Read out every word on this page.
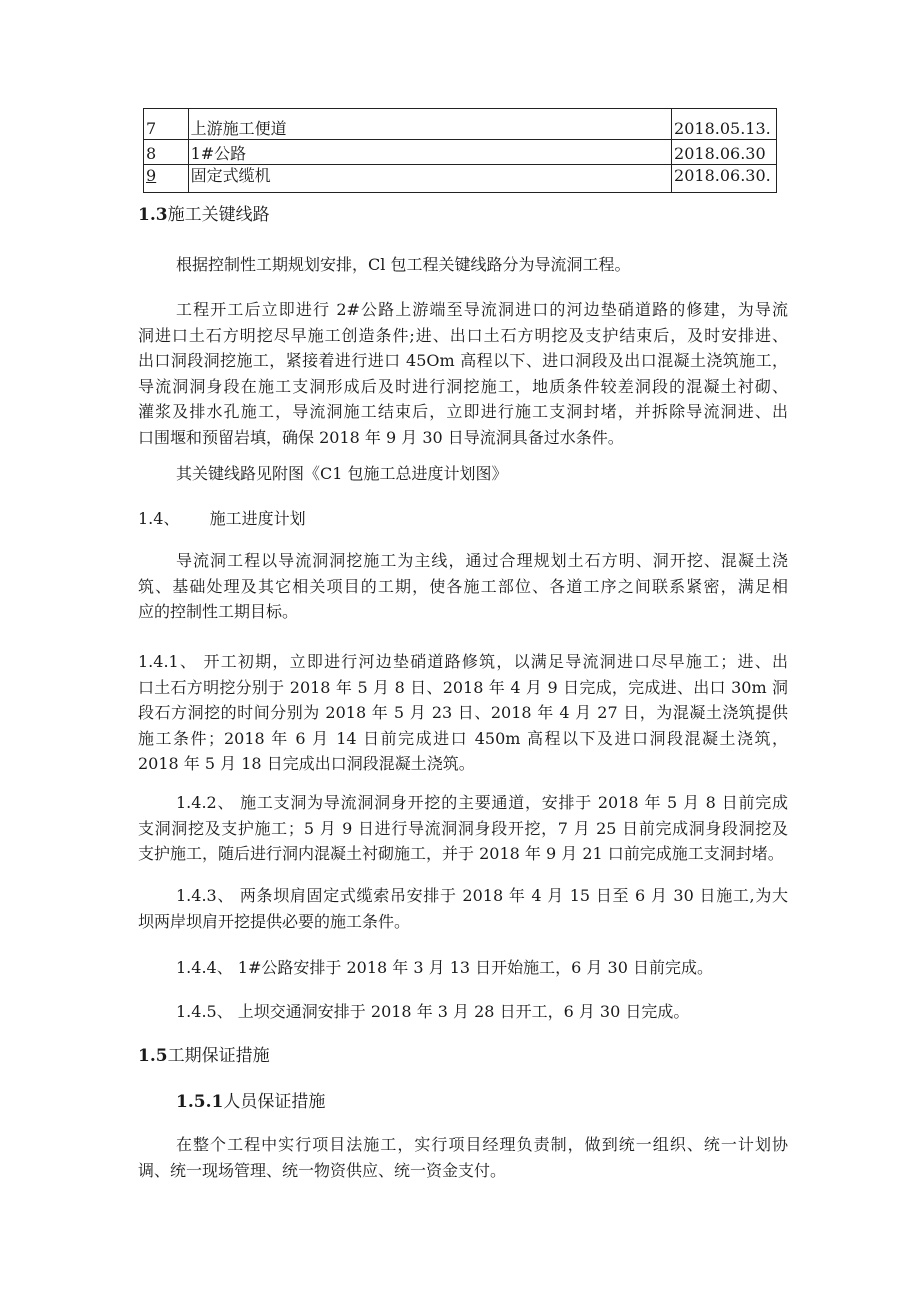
7	上游施工便道	2018.05.13.
8	1#公路	2018.06.30
9	固定式缆机	2018.06.30.
1.3施工关键线路
根据控制性工期规划安排，Cl 包工程关键线路分为导流洞工程。
工程开工后立即进行 2#公路上游端至导流洞进口的河边垫硝道路的修建，为导流
洞进口土石方明挖尽早施工创造条件;进、出口土石方明挖及支护结束后，及时安排进、
出口洞段洞挖施工，紧接着进行进口 45Om 高程以下、进口洞段及出口混凝土浇筑施工，
导流洞洞身段在施工支洞形成后及时进行洞挖施工，地质条件较差洞段的混凝土衬砌、
灌浆及排水孔施工，导流洞施工结束后，立即进行施工支洞封堵，并拆除导流洞进、出
口围堰和预留岩填，确保 2018 年 9 月 30 日导流洞具备过水条件。
其关键线路见附图《C1 包施工总进度计划图》
1.4、 施工进度计划
导流洞工程以导流洞洞挖施工为主线，通过合理规划土石方明、洞开挖、混凝土浇
筑、基础处理及其它相关项目的工期，使各施工部位、各道工序之间联系紧密，满足相
应的控制性工期目标。
1.4.1、 开工初期，立即进行河边垫硝道路修筑，以满足导流洞进口尽早施工；进、出
口土石方明挖分别于 2018 年 5 月 8 日、2018 年 4 月 9 日完成，完成进、出口 30m 洞
段石方洞挖的时间分别为 2018 年 5 月 23 日、2018 年 4 月 27 日，为混凝土浇筑提供
施工条件；2018 年 6 月 14 日前完成进口 450m 高程以下及进口洞段混凝土浇筑，
2018 年 5 月 18 日完成出口洞段混凝土浇筑。
1.4.2、 施工支洞为导流洞洞身开挖的主要通道，安排于 2018 年 5 月 8 日前完成
支洞洞挖及支护施工；5 月 9 日进行导流洞洞身段开挖，7 月 25 日前完成洞身段洞挖及
支护施工，随后进行洞内混凝土衬砌施工，并于 2018 年 9 月 21 口前完成施工支洞封堵。
1.4.3、 两条坝肩固定式缆索吊安排于 2018 年 4 月 15 日至 6 月 30 日施工,为大
坝两岸坝肩开挖提供必要的施工条件。
1.4.4、 1#公路安排于 2018 年 3 月 13 日开始施工，6 月 30 日前完成。
1.4.5、 上坝交通洞安排于 2018 年 3 月 28 日开工，6 月 30 日完成。
1.5工期保证措施
1.5.1人员保证措施
在整个工程中实行项目法施工，实行项目经理负责制，做到统一组织、统一计划协
调、统一现场管理、统一物资供应、统一资金支付。
